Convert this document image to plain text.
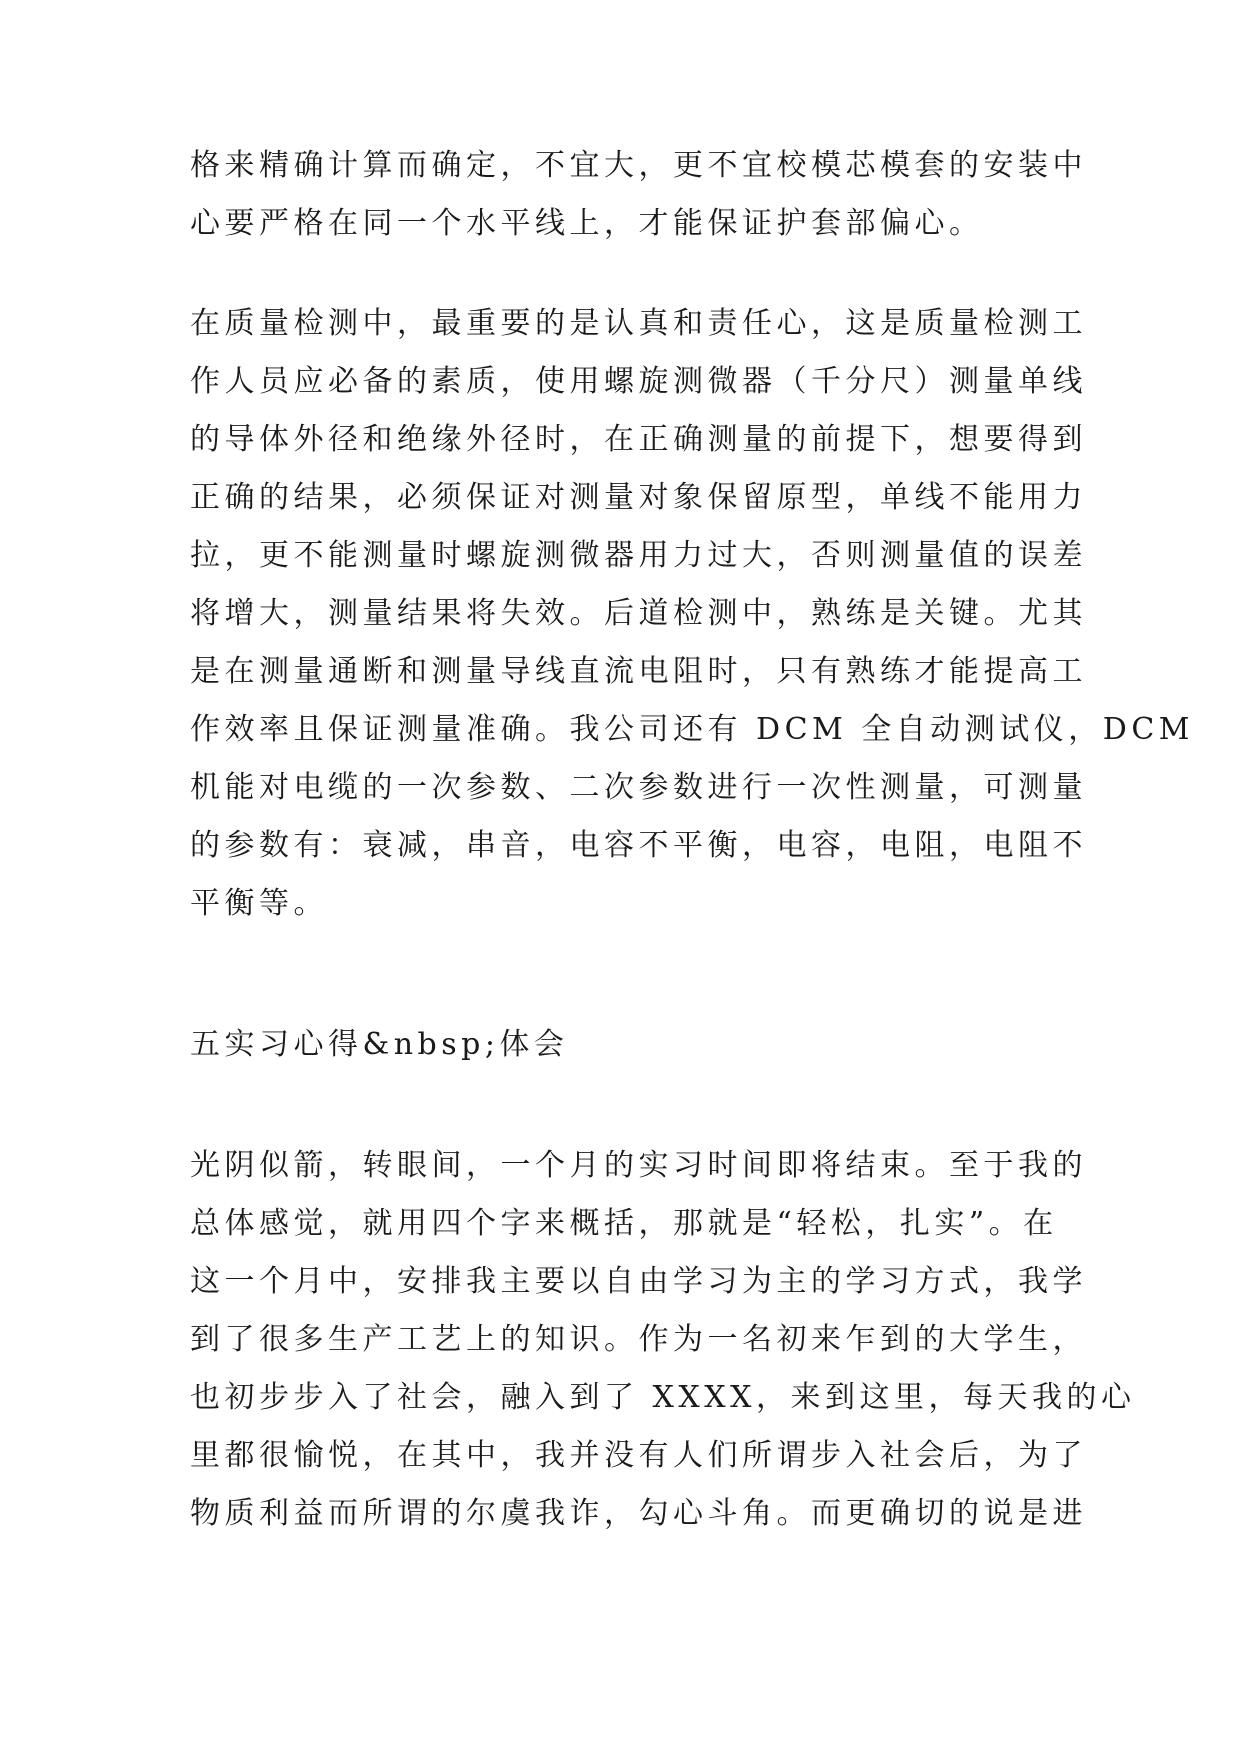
格来精确计算而确定，不宜大，更不宜校模芯模套的安装中
心要严格在同一个水平线上，才能保证护套部偏心。
在质量检测中，最重要的是认真和责任心，这是质量检测工
作人员应必备的素质，使用螺旋测微器（千分尺）测量单线
的导体外径和绝缘外径时，在正确测量的前提下，想要得到
正确的结果，必须保证对测量对象保留原型，单线不能用力
拉，更不能测量时螺旋测微器用力过大，否则测量值的误差
将增大，测量结果将失效。后道检测中，熟练是关键。尤其
是在测量通断和测量导线直流电阻时，只有熟练才能提高工
作效率且保证测量准确。我公司还有 DCM 全自动测试仪，DCM
机能对电缆的一次参数、二次参数进行一次性测量，可测量
的参数有：衰减，串音，电容不平衡，电容，电阻，电阻不
平衡等。
五实习心得&nbsp;体会
光阴似箭，转眼间，一个月的实习时间即将结束。至于我的
总体感觉，就用四个字来概括，那就是“轻松，扎实”。在
这一个月中，安排我主要以自由学习为主的学习方式，我学
到了很多生产工艺上的知识。作为一名初来乍到的大学生，
也初步步入了社会，融入到了 XXXX，来到这里，每天我的心
里都很愉悦，在其中，我并没有人们所谓步入社会后，为了
物质利益而所谓的尔虞我诈，勾心斗角。而更确切的说是进
